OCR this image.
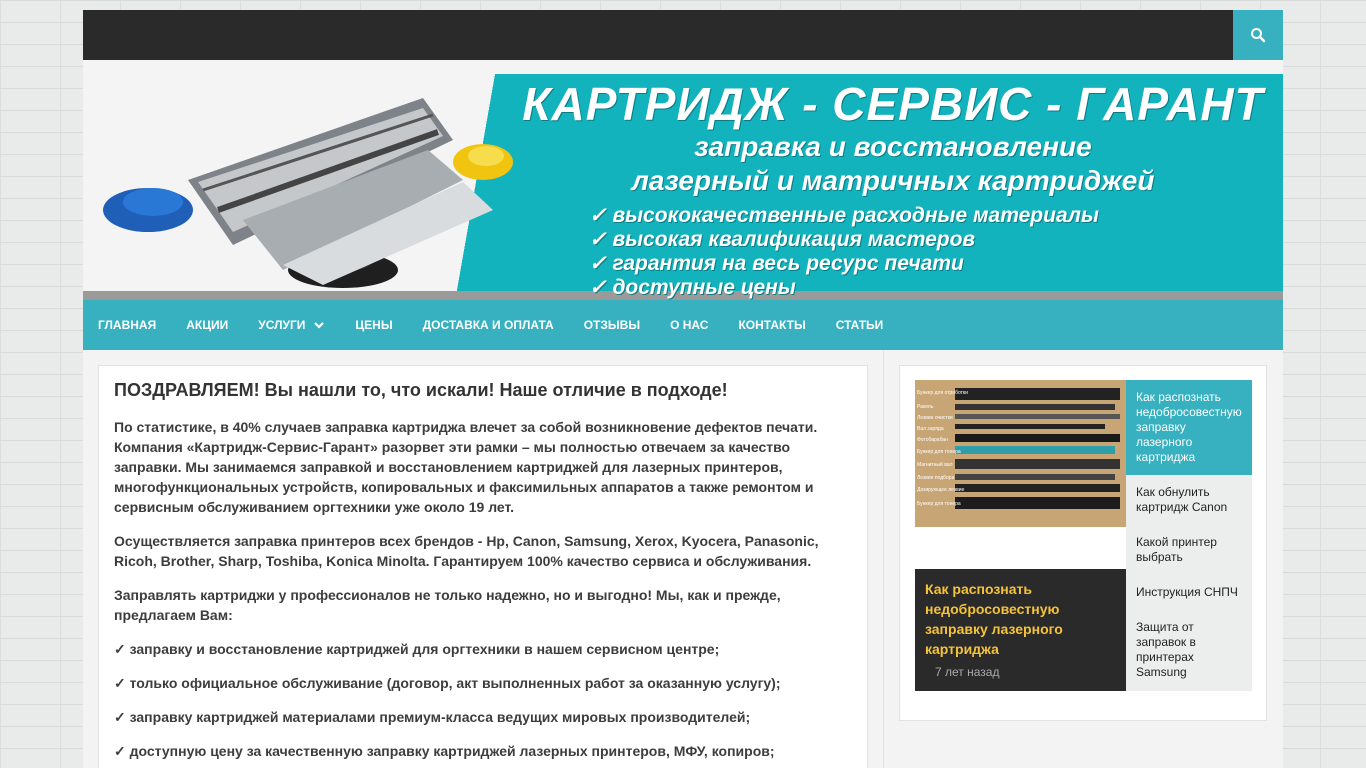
КАРТРИДЖ - СЕРВИС - ГАРАНТ
заправка и восстановление
лазерный и матричных картриджей
✓ высококачественные расходные материалы
✓ высокая квалификация мастеров
✓ гарантия на весь ресурс печати
✓ доступные цены
ГЛАВНАЯ	АКЦИИ	УСЛУГИ	ЦЕНЫ	ДОСТАВКА И ОПЛАТА	ОТЗЫВЫ	О НАС	КОНТАКТЫ	СТАТЬИ
ПОЗДРАВЛЯЕМ! Вы нашли то, что искали! Наше отличие в подходе!

По статистике, в 40% случаев заправка картриджа влечет за собой возникновение дефектов печати. Компания «Картридж-Сервис-Гарант» разорвет эти рамки – мы полностью отвечаем за качество заправки. Мы занимаемся заправкой и восстановлением картриджей для лазерных принтеров, многофункциональных устройств, копировальных и факсимильных аппаратов а также ремонтом и сервисным обслуживанием оргтехники уже около 19 лет.

Осуществляется заправка принтеров всех брендов - Hp, Canon, Samsung, Xerox, Kyocera, Panasonic, Ricoh, Brother, Sharp, Toshiba, Konica Minolta. Гарантируем 100% качество сервиса и обслуживания.

Заправлять картриджи у профессионалов не только надежно, но и выгодно! Мы, как и прежде, предлагаем Вам:

✓ заправку и восстановление картриджей для оргтехники в нашем сервисном центре;

✓ только официальное обслуживание (договор, акт выполненных работ за оказанную услугу);

✓ заправку картриджей материалами премиум-класса ведущих мировых производителей;

✓ доступную цену за качественную заправку картриджей лазерных принтеров, МФУ, копиров;

Бункер для отработки
Ракель
Лезвие очистки
Вал заряда
Фотобарабан
Бункер для тонера
Магнитный вал
Лезвие подбора
Дозирующее лезвие
Бункер для тонера
Как распознать недобросовестную заправку лазерного картриджа
7 лет назад
Как распознать недобросовестную заправку лазерного картриджа
Как обнулить картридж Canon
Какой принтер выбрать
Инструкция СНПЧ
Защита от заправок в принтерах Samsung
